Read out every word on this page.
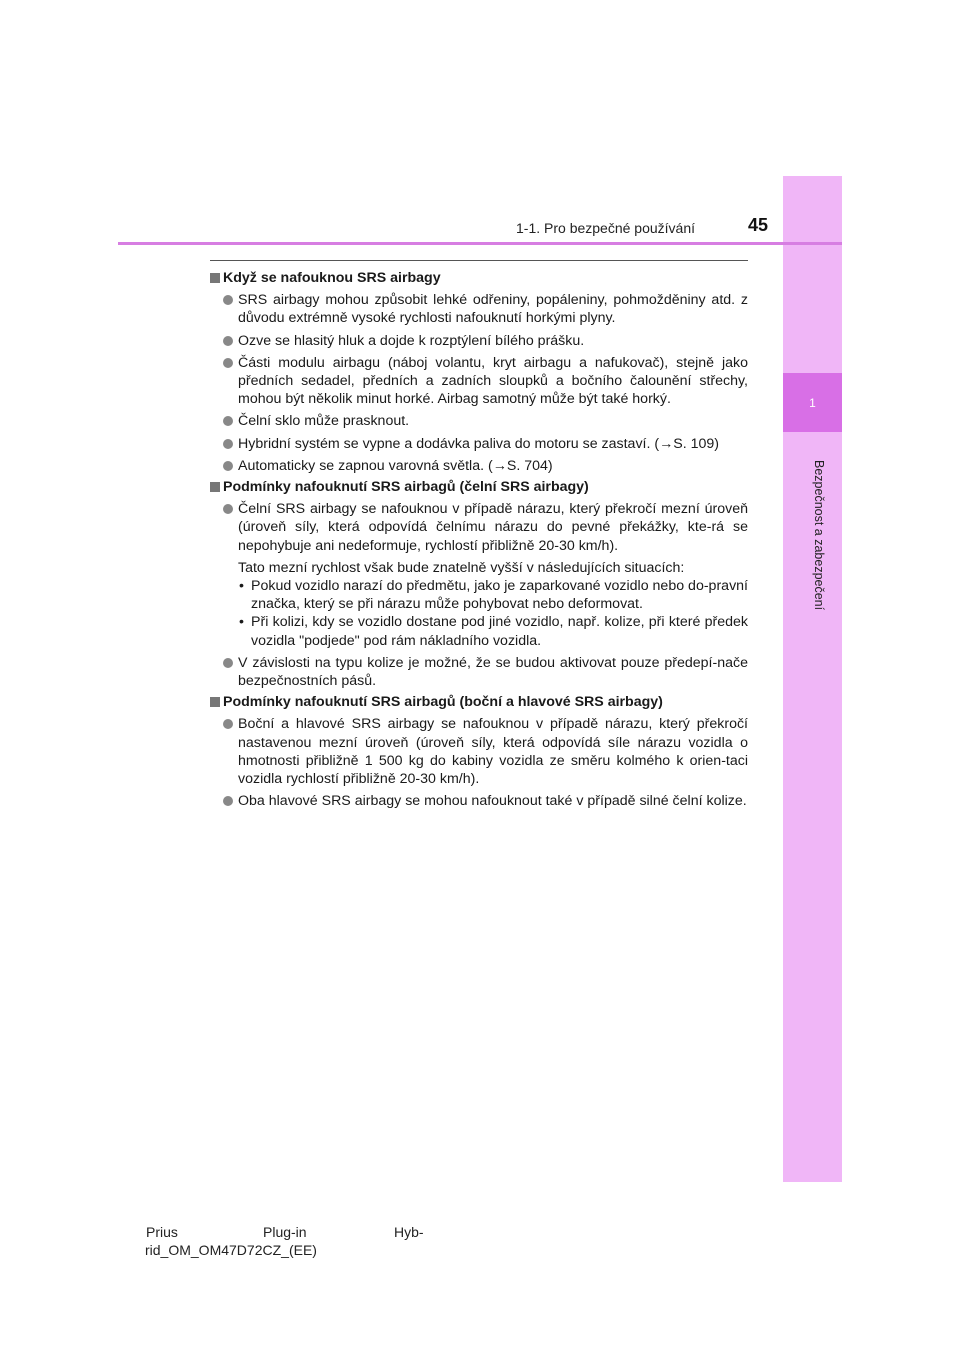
1
Bezpečnost a zabezpečení
1-1. Pro bezpečné používání	45
Když se nafouknou SRS airbagy
SRS airbagy mohou způsobit lehké odřeniny, popáleniny, pohmožděniny atd. z důvodu extrémně vysoké rychlosti nafouknutí horkými plyny.
Ozve se hlasitý hluk a dojde k rozptýlení bílého prášku.
Části modulu airbagu (náboj volantu, kryt airbagu a nafukovač), stejně jako předních sedadel, předních a zadních sloupků a bočního čalounění střechy, mohou být několik minut horké. Airbag samotný může být také horký.
Čelní sklo může prasknout.
Hybridní systém se vypne a dodávka paliva do motoru se zastaví. (→S. 109)
Automaticky se zapnou varovná světla. (→S. 704)
Podmínky nafouknutí SRS airbagů (čelní SRS airbagy)
Čelní SRS airbagy se nafouknou v případě nárazu, který překročí mezní úroveň (úroveň síly, která odpovídá čelnímu nárazu do pevné překážky, kte-rá se nepohybuje ani nedeformuje, rychlostí přibližně 20-30 km/h).
Tato mezní rychlost však bude znatelně vyšší v následujících situacích:
• Pokud vozidlo narazí do předmětu, jako je zaparkované vozidlo nebo do-pravní značka, který se při nárazu může pohybovat nebo deformovat.
• Při kolizi, kdy se vozidlo dostane pod jiné vozidlo, např. kolize, při které předek vozidla "podjede" pod rám nákladního vozidla.
V závislosti na typu kolize je možné, že se budou aktivovat pouze předepí-nače bezpečnostních pásů.
Podmínky nafouknutí SRS airbagů (boční a hlavové SRS airbagy)
Boční a hlavové SRS airbagy se nafouknou v případě nárazu, který překročí nastavenou mezní úroveň (úroveň síly, která odpovídá síle nárazu vozidla o hmotnosti přibližně 1 500 kg do kabiny vozidla ze směru kolmého k orien-taci vozidla rychlostí přibližně 20-30 km/h).
Oba hlavové SRS airbagy se mohou nafouknout také v případě silné čelní kolize.
Prius	Plug-in	Hyb-
rid_OM_OM47D72CZ_(EE)
